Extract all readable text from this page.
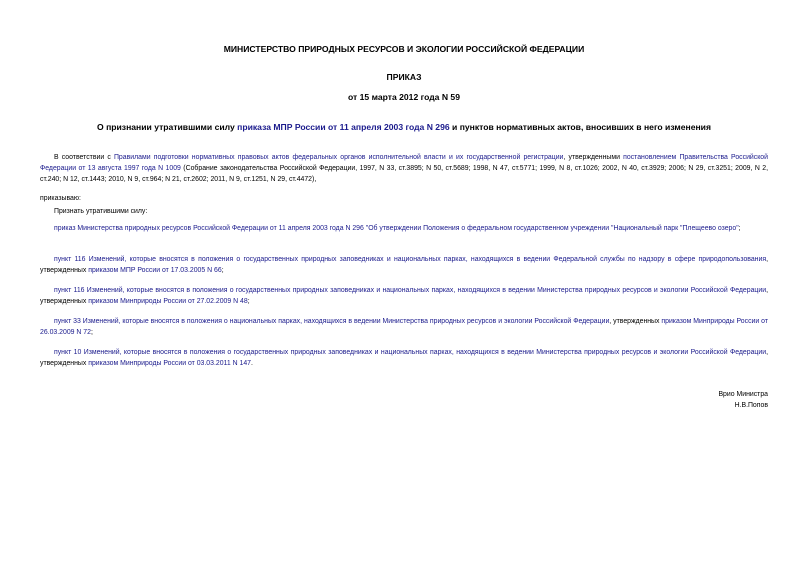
МИНИСТЕРСТВО ПРИРОДНЫХ РЕСУРСОВ И ЭКОЛОГИИ РОССИЙСКОЙ ФЕДЕРАЦИИ
ПРИКАЗ
от 15 марта 2012 года N 59
О признании утратившими силу приказа МПР России от 11 апреля 2003 года N 296 и пунктов нормативных актов, вносивших в него изменения
В соответствии с Правилами подготовки нормативных правовых актов федеральных органов исполнительной власти и их государственной регистрации, утвержденными постановлением Правительства Российской Федерации от 13 августа 1997 года N 1009 (Собрание законодательства Российской Федерации, 1997, N 33, ст.3895; N 50, ст.5689; 1998, N 47, ст.5771; 1999, N 8, ст.1026; 2002, N 40, ст.3929; 2006; N 29, ст.3251; 2009, N 2, ст.240; N 12, ст.1443; 2010, N 9, ст.964; N 21, ст.2602; 2011, N 9, ст.1251, N 29, ст.4472),
приказываю:
Признать утратившими силу:
приказ Министерства природных ресурсов Российской Федерации от 11 апреля 2003 года N 296 "Об утверждении Положения о федеральном государственном учреждении "Национальный парк "Плещеево озеро";
пункт 116 Изменений, которые вносятся в положения о государственных природных заповедниках и национальных парках, находящихся в ведении Федеральной службы по надзору в сфере природопользования, утвержденных приказом МПР России от 17.03.2005 N 66;
пункт 116 Изменений, которые вносятся в положения о государственных природных заповедниках и национальных парках, находящихся в ведении Министерства природных ресурсов и экологии Российской Федерации, утвержденных приказом Минприроды России от 27.02.2009 N 48;
пункт 33 Изменений, которые вносятся в положения о национальных парках, находящихся в ведении Министерства природных ресурсов и экологии Российской Федерации, утвержденных приказом Минприроды России от 26.03.2009 N 72;
пункт 10 Изменений, которые вносятся в положения о государственных природных заповедниках и национальных парках, находящихся в ведении Министерства природных ресурсов и экологии Российской Федерации, утвержденных приказом Минприроды России от 03.03.2011 N 147.
Врио Министра
Н.В.Попов
